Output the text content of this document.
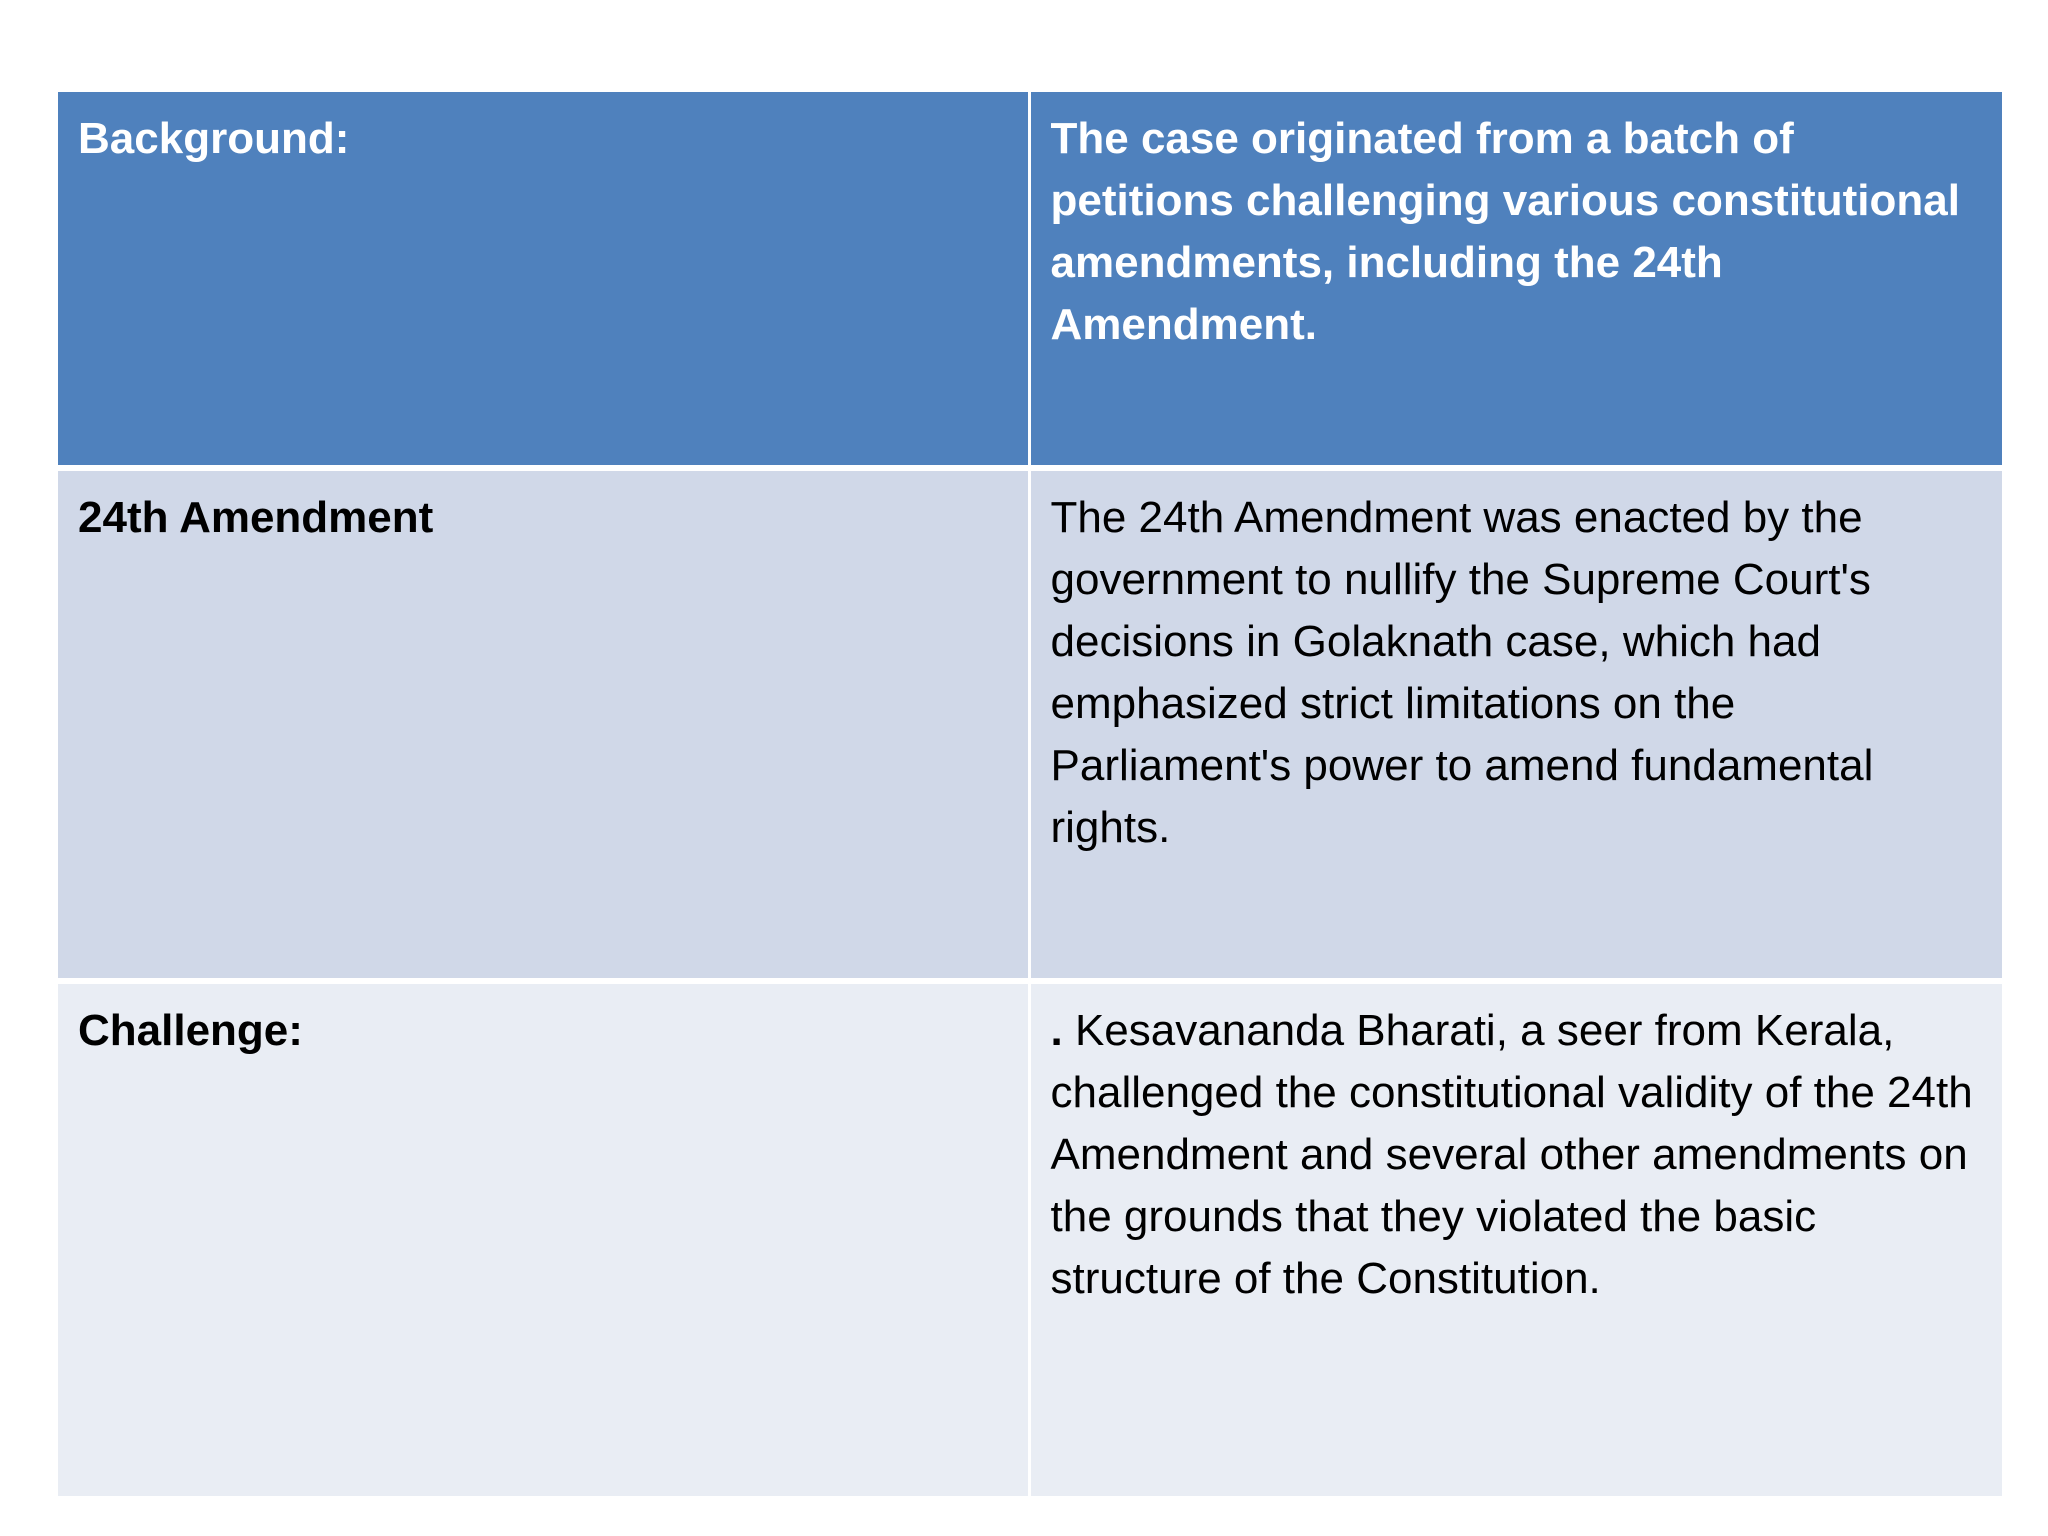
Background:	The case originated from a batch of petitions challenging various constitutional amendments, including the 24th Amendment.
24th Amendment	The 24th Amendment was enacted by the government to nullify the Supreme Court's decisions in Golaknath case, which had emphasized strict limitations on the Parliament's power to amend fundamental rights.
Challenge:	. Kesavananda Bharati, a seer from Kerala, challenged the constitutional validity of the 24th Amendment and several other amendments on the grounds that they violated the basic structure of the Constitution.
